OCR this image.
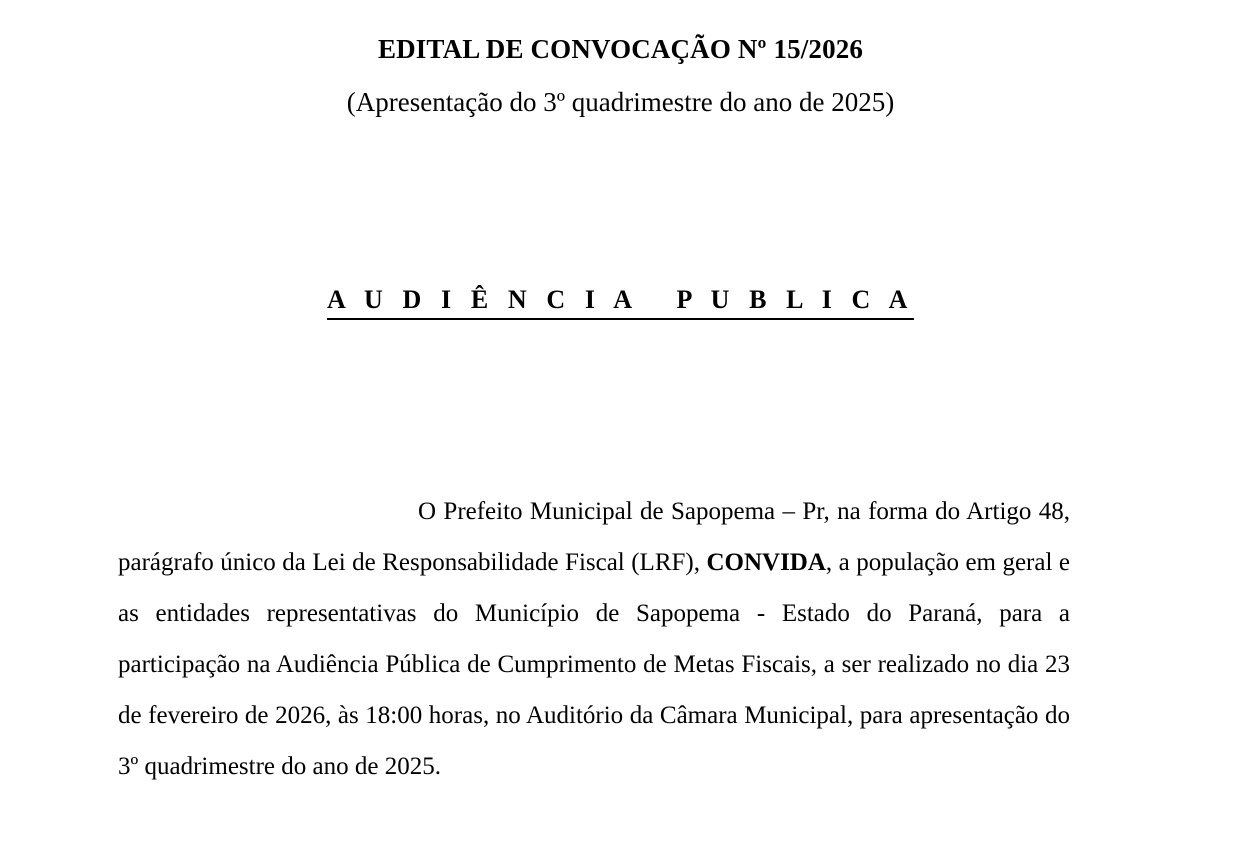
EDITAL DE CONVOCAÇÃO Nº 15/2026
(Apresentação do 3º quadrimestre do ano de 2025)
A U D I Ê N C I A   P U B L I C A

O Prefeito Municipal de Sapopema – Pr, na forma do Artigo 48, parágrafo único da Lei de Responsabilidade Fiscal (LRF), CONVIDA, a população em geral e as entidades representativas do Município de Sapopema - Estado do Paraná, para a participação na Audiência Pública de Cumprimento de Metas Fiscais, a ser realizado no dia 23 de fevereiro de 2026, às 18:00 horas, no Auditório da Câmara Municipal, para apresentação do 3º quadrimestre do ano de 2025.
